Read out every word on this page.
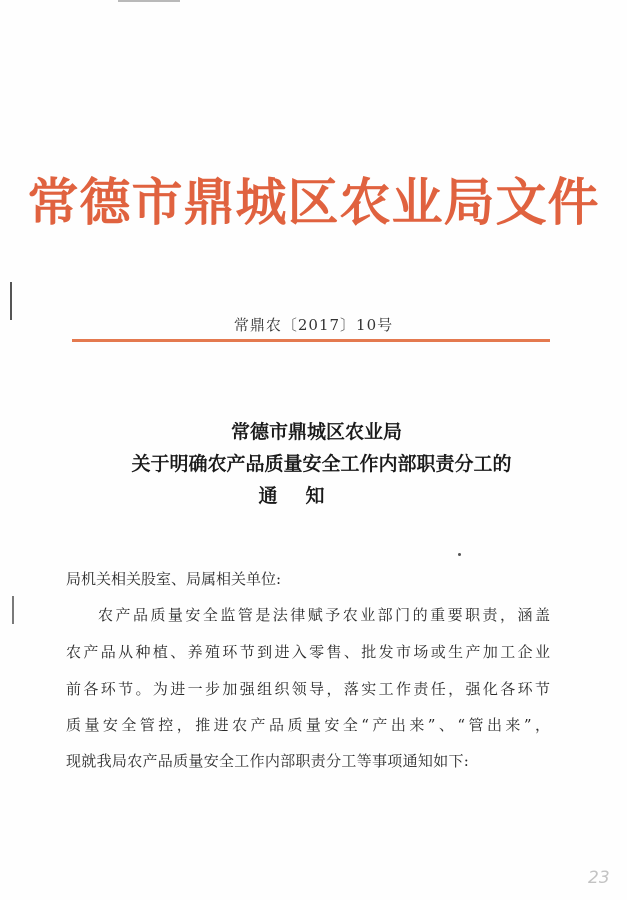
常德市鼎城区农业局文件
常鼎农〔2017〕10号
常德市鼎城区农业局
关于明确农产品质量安全工作内部职责分工的
通知
局机关相关股室、局属相关单位:
农产品质量安全监管是法律赋予农业部门的重要职责，涵盖
农产品从种植、养殖环节到进入零售、批发市场或生产加工企业
前各环节。为进一步加强组织领导，落实工作责任，强化各环节
质量安全管控，推进农产品质量安全“产出来”、“管出来”，
现就我局农产品质量安全工作内部职责分工等事项通知如下:
23
